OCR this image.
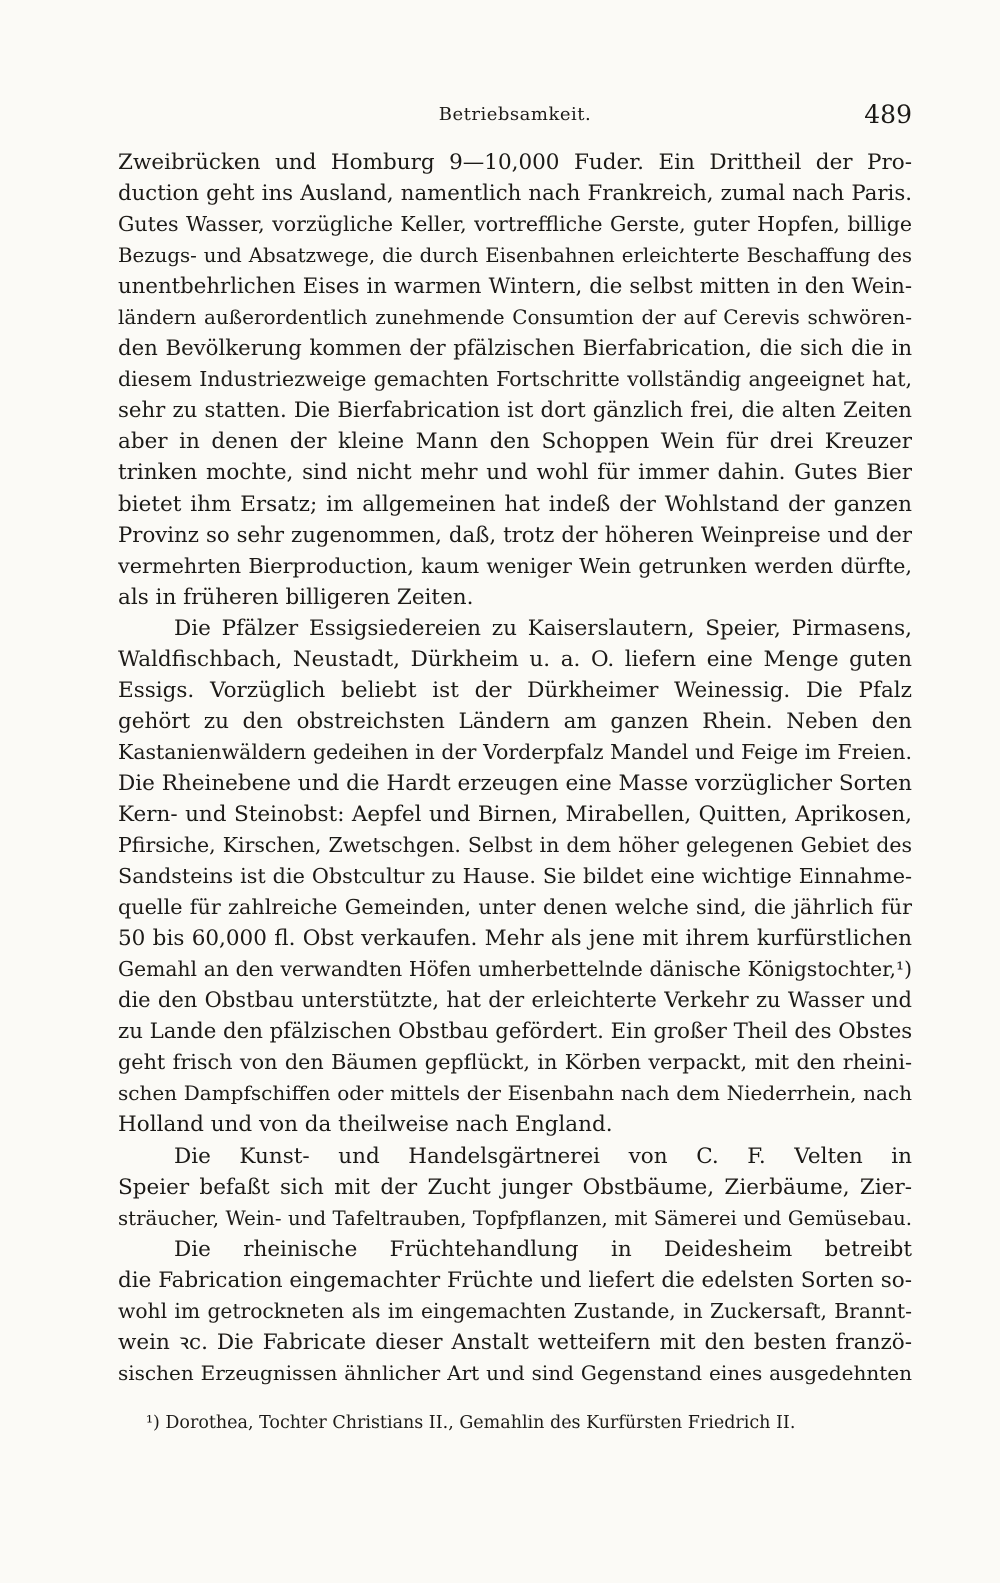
Betriebsamkeit.	489
Zweibrücken und Homburg 9—10,000 Fuder. Ein Drittheil der Pro-
duction geht ins Ausland, namentlich nach Frankreich, zumal nach Paris.
Gutes Wasser, vorzügliche Keller, vortreffliche Gerste, guter Hopfen, billige
Bezugs- und Absatzwege, die durch Eisenbahnen erleichterte Beschaffung des
unentbehrlichen Eises in warmen Wintern, die selbst mitten in den Wein-
ländern außerordentlich zunehmende Consumtion der auf Cerevis schwören-
den Bevölkerung kommen der pfälzischen Bierfabrication, die sich die in
diesem Industriezweige gemachten Fortschritte vollständig angeeignet hat,
sehr zu statten. Die Bierfabrication ist dort gänzlich frei, die alten Zeiten
aber in denen der kleine Mann den Schoppen Wein für drei Kreuzer
trinken mochte, sind nicht mehr und wohl für immer dahin. Gutes Bier
bietet ihm Ersatz; im allgemeinen hat indeß der Wohlstand der ganzen
Provinz so sehr zugenommen, daß, trotz der höheren Weinpreise und der
vermehrten Bierproduction, kaum weniger Wein getrunken werden dürfte,
als in früheren billigeren Zeiten.
Die Pfälzer Essigsiedereien zu Kaiserslautern, Speier, Pirmasens,
Waldfischbach, Neustadt, Dürkheim u. a. O. liefern eine Menge guten
Essigs. Vorzüglich beliebt ist der Dürkheimer Weinessig. Die Pfalz
gehört zu den obstreichsten Ländern am ganzen Rhein. Neben den
Kastanienwäldern gedeihen in der Vorderpfalz Mandel und Feige im Freien.
Die Rheinebene und die Hardt erzeugen eine Masse vorzüglicher Sorten
Kern- und Steinobst: Aepfel und Birnen, Mirabellen, Quitten, Aprikosen,
Pfirsiche, Kirschen, Zwetschgen. Selbst in dem höher gelegenen Gebiet des
Sandsteins ist die Obstcultur zu Hause. Sie bildet eine wichtige Einnahme-
quelle für zahlreiche Gemeinden, unter denen welche sind, die jährlich für
50 bis 60,000 fl. Obst verkaufen. Mehr als jene mit ihrem kurfürstlichen
Gemahl an den verwandten Höfen umherbettelnde dänische Königstochter,¹)
die den Obstbau unterstützte, hat der erleichterte Verkehr zu Wasser und
zu Lande den pfälzischen Obstbau gefördert. Ein großer Theil des Obstes
geht frisch von den Bäumen gepflückt, in Körben verpackt, mit den rheini-
schen Dampfschiffen oder mittels der Eisenbahn nach dem Niederrhein, nach
Holland und von da theilweise nach England.
Die Kunst- und Handelsgärtnerei von C. F. Velten in
Speier befaßt sich mit der Zucht junger Obstbäume, Zierbäume, Zier-
sträucher, Wein- und Tafeltrauben, Topfpflanzen, mit Sämerei und Gemüsebau.
Die rheinische Früchtehandlung in Deidesheim betreibt
die Fabrication eingemachter Früchte und liefert die edelsten Sorten so-
wohl im getrockneten als im eingemachten Zustande, in Zuckersaft, Brannt-
wein ꝛc. Die Fabricate dieser Anstalt wetteifern mit den besten franzö-
sischen Erzeugnissen ähnlicher Art und sind Gegenstand eines ausgedehnten
¹) Dorothea, Tochter Christians II., Gemahlin des Kurfürsten Friedrich II.
